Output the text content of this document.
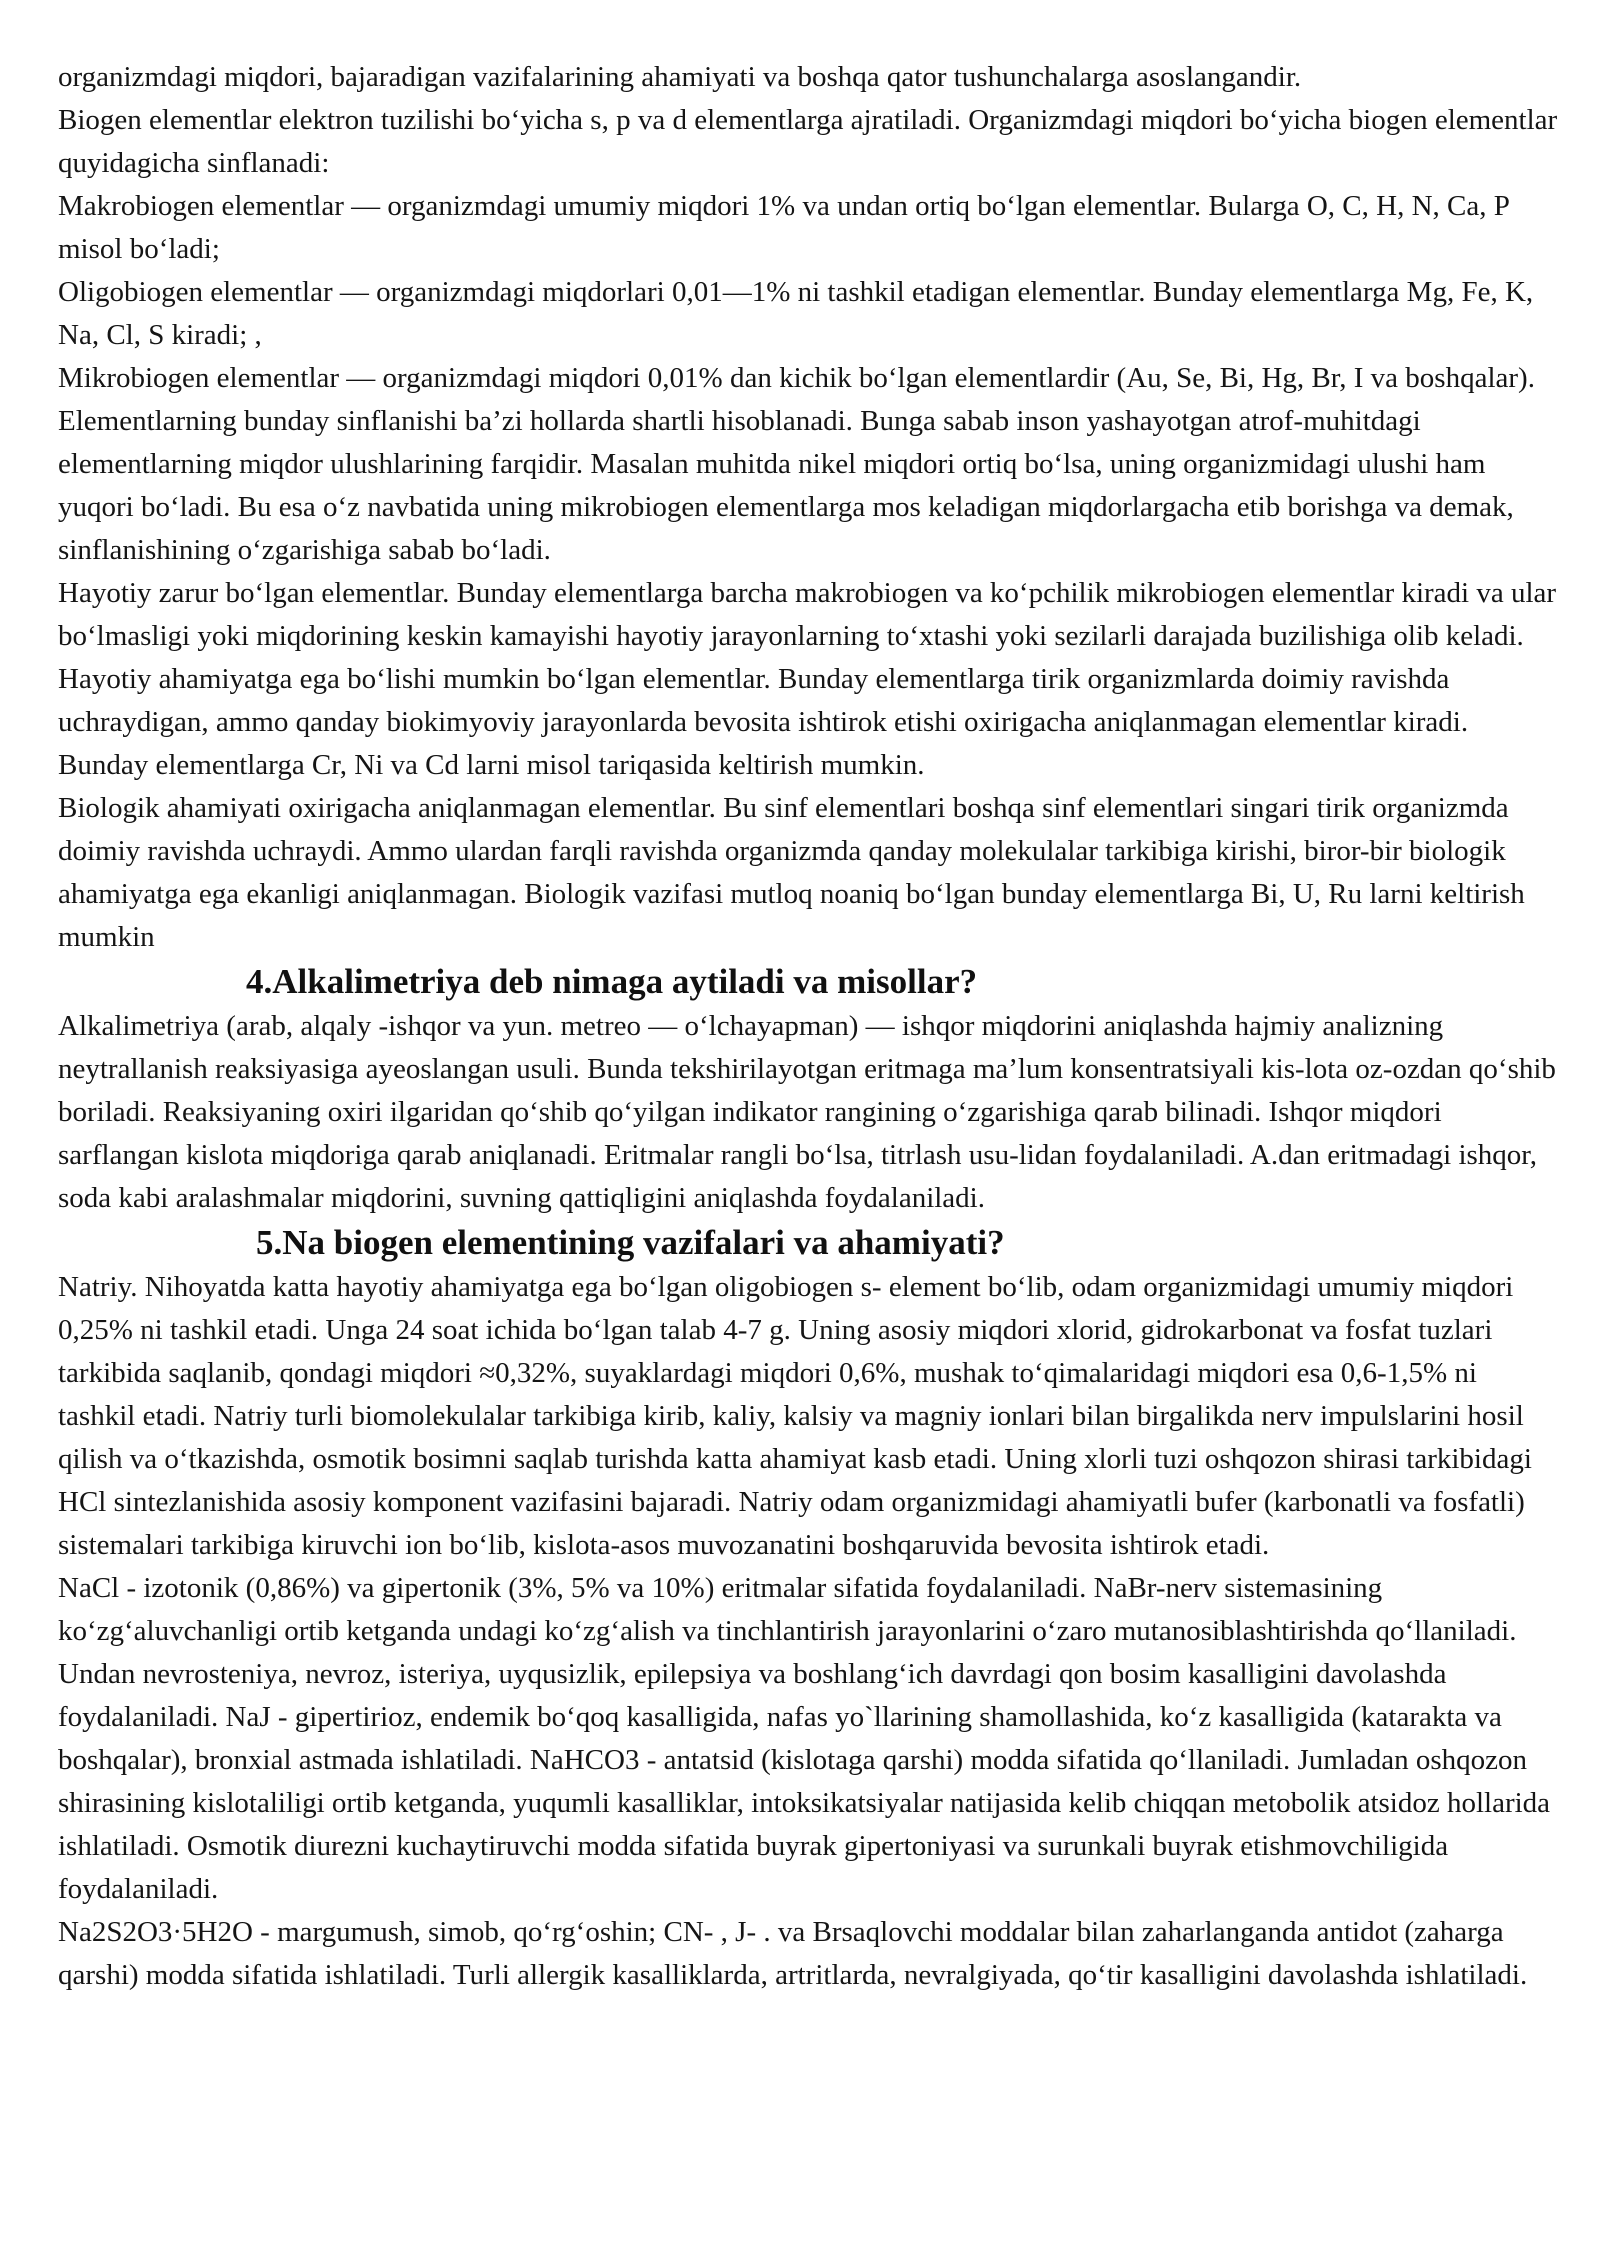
organizmdagi miqdori, bajaradigan vazifalarining ahamiyati va boshqa qator tushunchalarga asoslangandir.

Biogen elementlar elektron tuzilishi bo‘yicha s, p va d elementlarga ajratiladi. Organizmdagi miqdori bo‘yicha biogen elementlar quyidagicha sinflanadi:

Makrobiogen elementlar — organizmdagi umumiy miqdori 1% va undan ortiq bo‘lgan elementlar. Bularga O, C, H, N, Ca, P misol bo‘ladi;

Oligobiogen elementlar — organizmdagi miqdorlari 0,01—1% ni tashkil etadigan elementlar. Bunday elementlarga Mg, Fe, K, Na, Cl, S kiradi; ,

Mikrobiogen elementlar — organizmdagi miqdori 0,01% dan kichik bo‘lgan elementlardir (Au, Se, Bi, Hg, Br, I va boshqalar). Elementlarning bunday sinflanishi ba’zi hollarda shartli hisoblanadi. Bunga sabab inson yashayotgan atrof-muhitdagi elementlarning miqdor ulushlarining farqidir. Masalan muhitda nikel miqdori ortiq bo‘lsa, uning organizmidagi ulushi ham yuqori bo‘ladi. Bu esa o‘z navbatida uning mikrobiogen elementlarga mos keladigan miqdorlargacha etib borishga va demak, sinflanishining o‘zgarishiga sabab bo‘ladi.

Hayotiy zarur bo‘lgan elementlar. Bunday elementlarga barcha makrobiogen va ko‘pchilik mikrobiogen elementlar kiradi va ular bo‘lmasligi yoki miqdorining keskin kamayishi hayotiy jarayonlarning to‘xtashi yoki sezilarli darajada buzilishiga olib keladi.

Hayotiy ahamiyatga ega bo‘lishi mumkin bo‘lgan elementlar. Bunday elementlarga tirik organizmlarda doimiy ravishda uchraydigan, ammo qanday biokimyoviy jarayonlarda bevosita ishtirok etishi oxirigacha aniqlanmagan elementlar kiradi. Bunday elementlarga Cr, Ni va Cd larni misol tariqasida keltirish mumkin.

Biologik ahamiyati oxirigacha aniqlanmagan elementlar. Bu sinf elementlari boshqa sinf elementlari singari tirik organizmda doimiy ravishda uchraydi. Ammo ulardan farqli ravishda organizmda qanday molekulalar tarkibiga kirishi, biror-bir biologik ahamiyatga ega ekanligi aniqlanmagan. Biologik vazifasi mutloq noaniq bo‘lgan bunday elementlarga Bi, U, Ru larni keltirish mumkin

4.Alkalimetriya deb nimaga aytiladi va misollar?

Alkalimetriya (arab, alqaly -ishqor va yun. metreo — o‘lchayapman) — ishqor miqdorini aniqlashda hajmiy analizning neytrallanish reaksiyasiga ayeoslangan usuli. Bunda tekshirilayotgan eritmaga ma’lum konsentratsiyali kis-lota oz-ozdan qo‘shib boriladi. Reaksiyaning oxiri ilgaridan qo‘shib qo‘yilgan indikator rangining o‘zgarishiga qarab bilinadi. Ishqor miqdori sarflangan kislota miqdoriga qarab aniqlanadi. Eritmalar rangli bo‘lsa, titrlash usu-lidan foydalaniladi. A.dan eritmadagi ishqor, soda kabi aralashmalar miqdorini, suvning qattiqligini aniqlashda foydalaniladi.

5.Na biogen elementining vazifalari va ahamiyati?

Natriy. Nihoyatda katta hayotiy ahamiyatga ega bo‘lgan oligobiogen s- element bo‘lib, odam organizmidagi umumiy miqdori 0,25% ni tashkil etadi. Unga 24 soat ichida bo‘lgan talab 4-7 g. Uning asosiy miqdori xlorid, gidrokarbonat va fosfat tuzlari tarkibida saqlanib, qondagi miqdori ≈0,32%, suyaklardagi miqdori 0,6%, mushak to‘qimalaridagi miqdori esa 0,6-1,5% ni tashkil etadi. Natriy turli biomolekulalar tarkibiga kirib, kaliy, kalsiy va magniy ionlari bilan birgalikda nerv impulslarini hosil qilish va o‘tkazishda, osmotik bosimni saqlab turishda katta ahamiyat kasb etadi. Uning xlorli tuzi oshqozon shirasi tarkibidagi HCl sintezlanishida asosiy komponent vazifasini bajaradi. Natriy odam organizmidagi ahamiyatli bufer (karbonatli va fosfatli) sistemalari tarkibiga kiruvchi ion bo‘lib, kislota-asos muvozanatini boshqaruvida bevosita ishtirok etadi.

NaCl - izotonik (0,86%) va gipertonik (3%, 5% va 10%) eritmalar sifatida foydalaniladi. NaBr-nerv sistemasining ko‘zg‘aluvchanligi ortib ketganda undagi ko‘zg‘alish va tinchlantirish jarayonlarini o‘zaro mutanosiblashtirishda qo‘llaniladi. Undan nevrosteniya, nevroz, isteriya, uyqusizlik, epilepsiya va boshlang‘ich davrdagi qon bosim kasalligini davolashda foydalaniladi. NaJ - gipertirioz, endemik bo‘qoq kasalligida, nafas yo`llarining shamollashida, ko‘z kasalligida (katarakta va boshqalar), bronxial astmada ishlatiladi. NaHCO3 - antatsid (kislotaga qarshi) modda sifatida qo‘llaniladi. Jumladan oshqozon shirasining kislotaliligi ortib ketganda, yuqumli kasalliklar, intoksikatsiyalar natijasida kelib chiqqan metobolik atsidoz hollarida ishlatiladi. Osmotik diurezni kuchaytiruvchi modda sifatida buyrak gipertoniyasi va surunkali buyrak etishmovchiligida foydalaniladi.

Na2S2O3·5H2O - margumush, simob, qo‘rg‘oshin; CN- , J- . va Brsaqlovchi moddalar bilan zaharlanganda antidot (zaharga qarshi) modda sifatida ishlatiladi. Turli allergik kasalliklarda, artritlarda, nevralgiyada, qo‘tir kasalligini davolashda ishlatiladi.
